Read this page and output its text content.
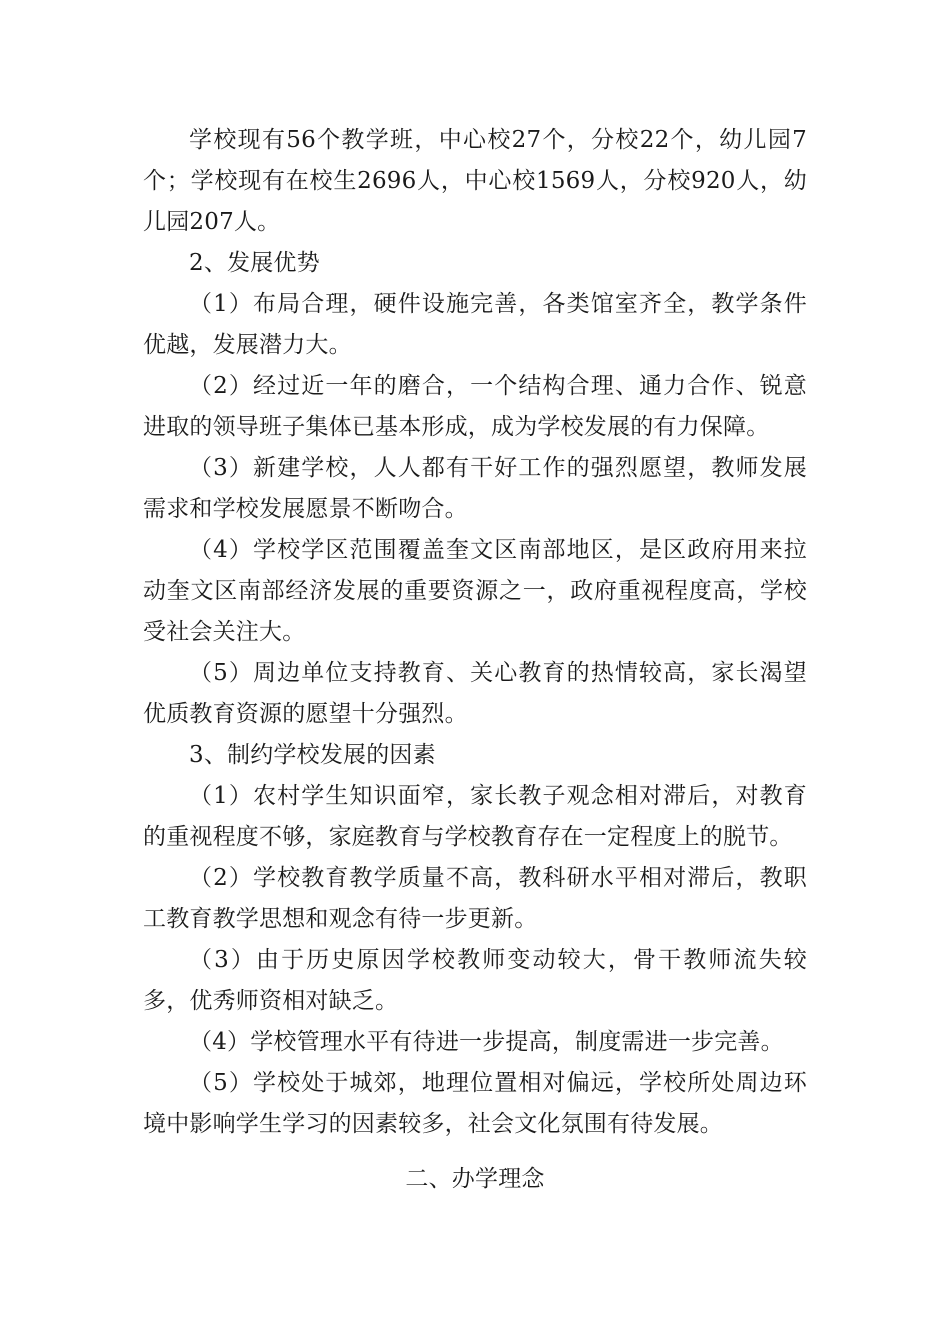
学校现有56个教学班，中心校27个，分校22个，幼儿园7个；学校现有在校生2696人，中心校1569人，分校920人，幼儿园207人。

2、发展优势

（1）布局合理，硬件设施完善，各类馆室齐全，教学条件优越，发展潜力大。

（2）经过近一年的磨合，一个结构合理、通力合作、锐意进取的领导班子集体已基本形成，成为学校发展的有力保障。

（3）新建学校，人人都有干好工作的强烈愿望，教师发展需求和学校发展愿景不断吻合。

（4）学校学区范围覆盖奎文区南部地区，是区政府用来拉动奎文区南部经济发展的重要资源之一，政府重视程度高，学校受社会关注大。

（5）周边单位支持教育、关心教育的热情较高，家长渴望优质教育资源的愿望十分强烈。

3、制约学校发展的因素

（1）农村学生知识面窄，家长教子观念相对滞后，对教育的重视程度不够，家庭教育与学校教育存在一定程度上的脱节。

（2）学校教育教学质量不高，教科研水平相对滞后，教职工教育教学思想和观念有待一步更新。

（3）由于历史原因学校教师变动较大，骨干教师流失较多，优秀师资相对缺乏。

（4）学校管理水平有待进一步提高，制度需进一步完善。

（5）学校处于城郊，地理位置相对偏远，学校所处周边环境中影响学生学习的因素较多，社会文化氛围有待发展。

二、办学理念
